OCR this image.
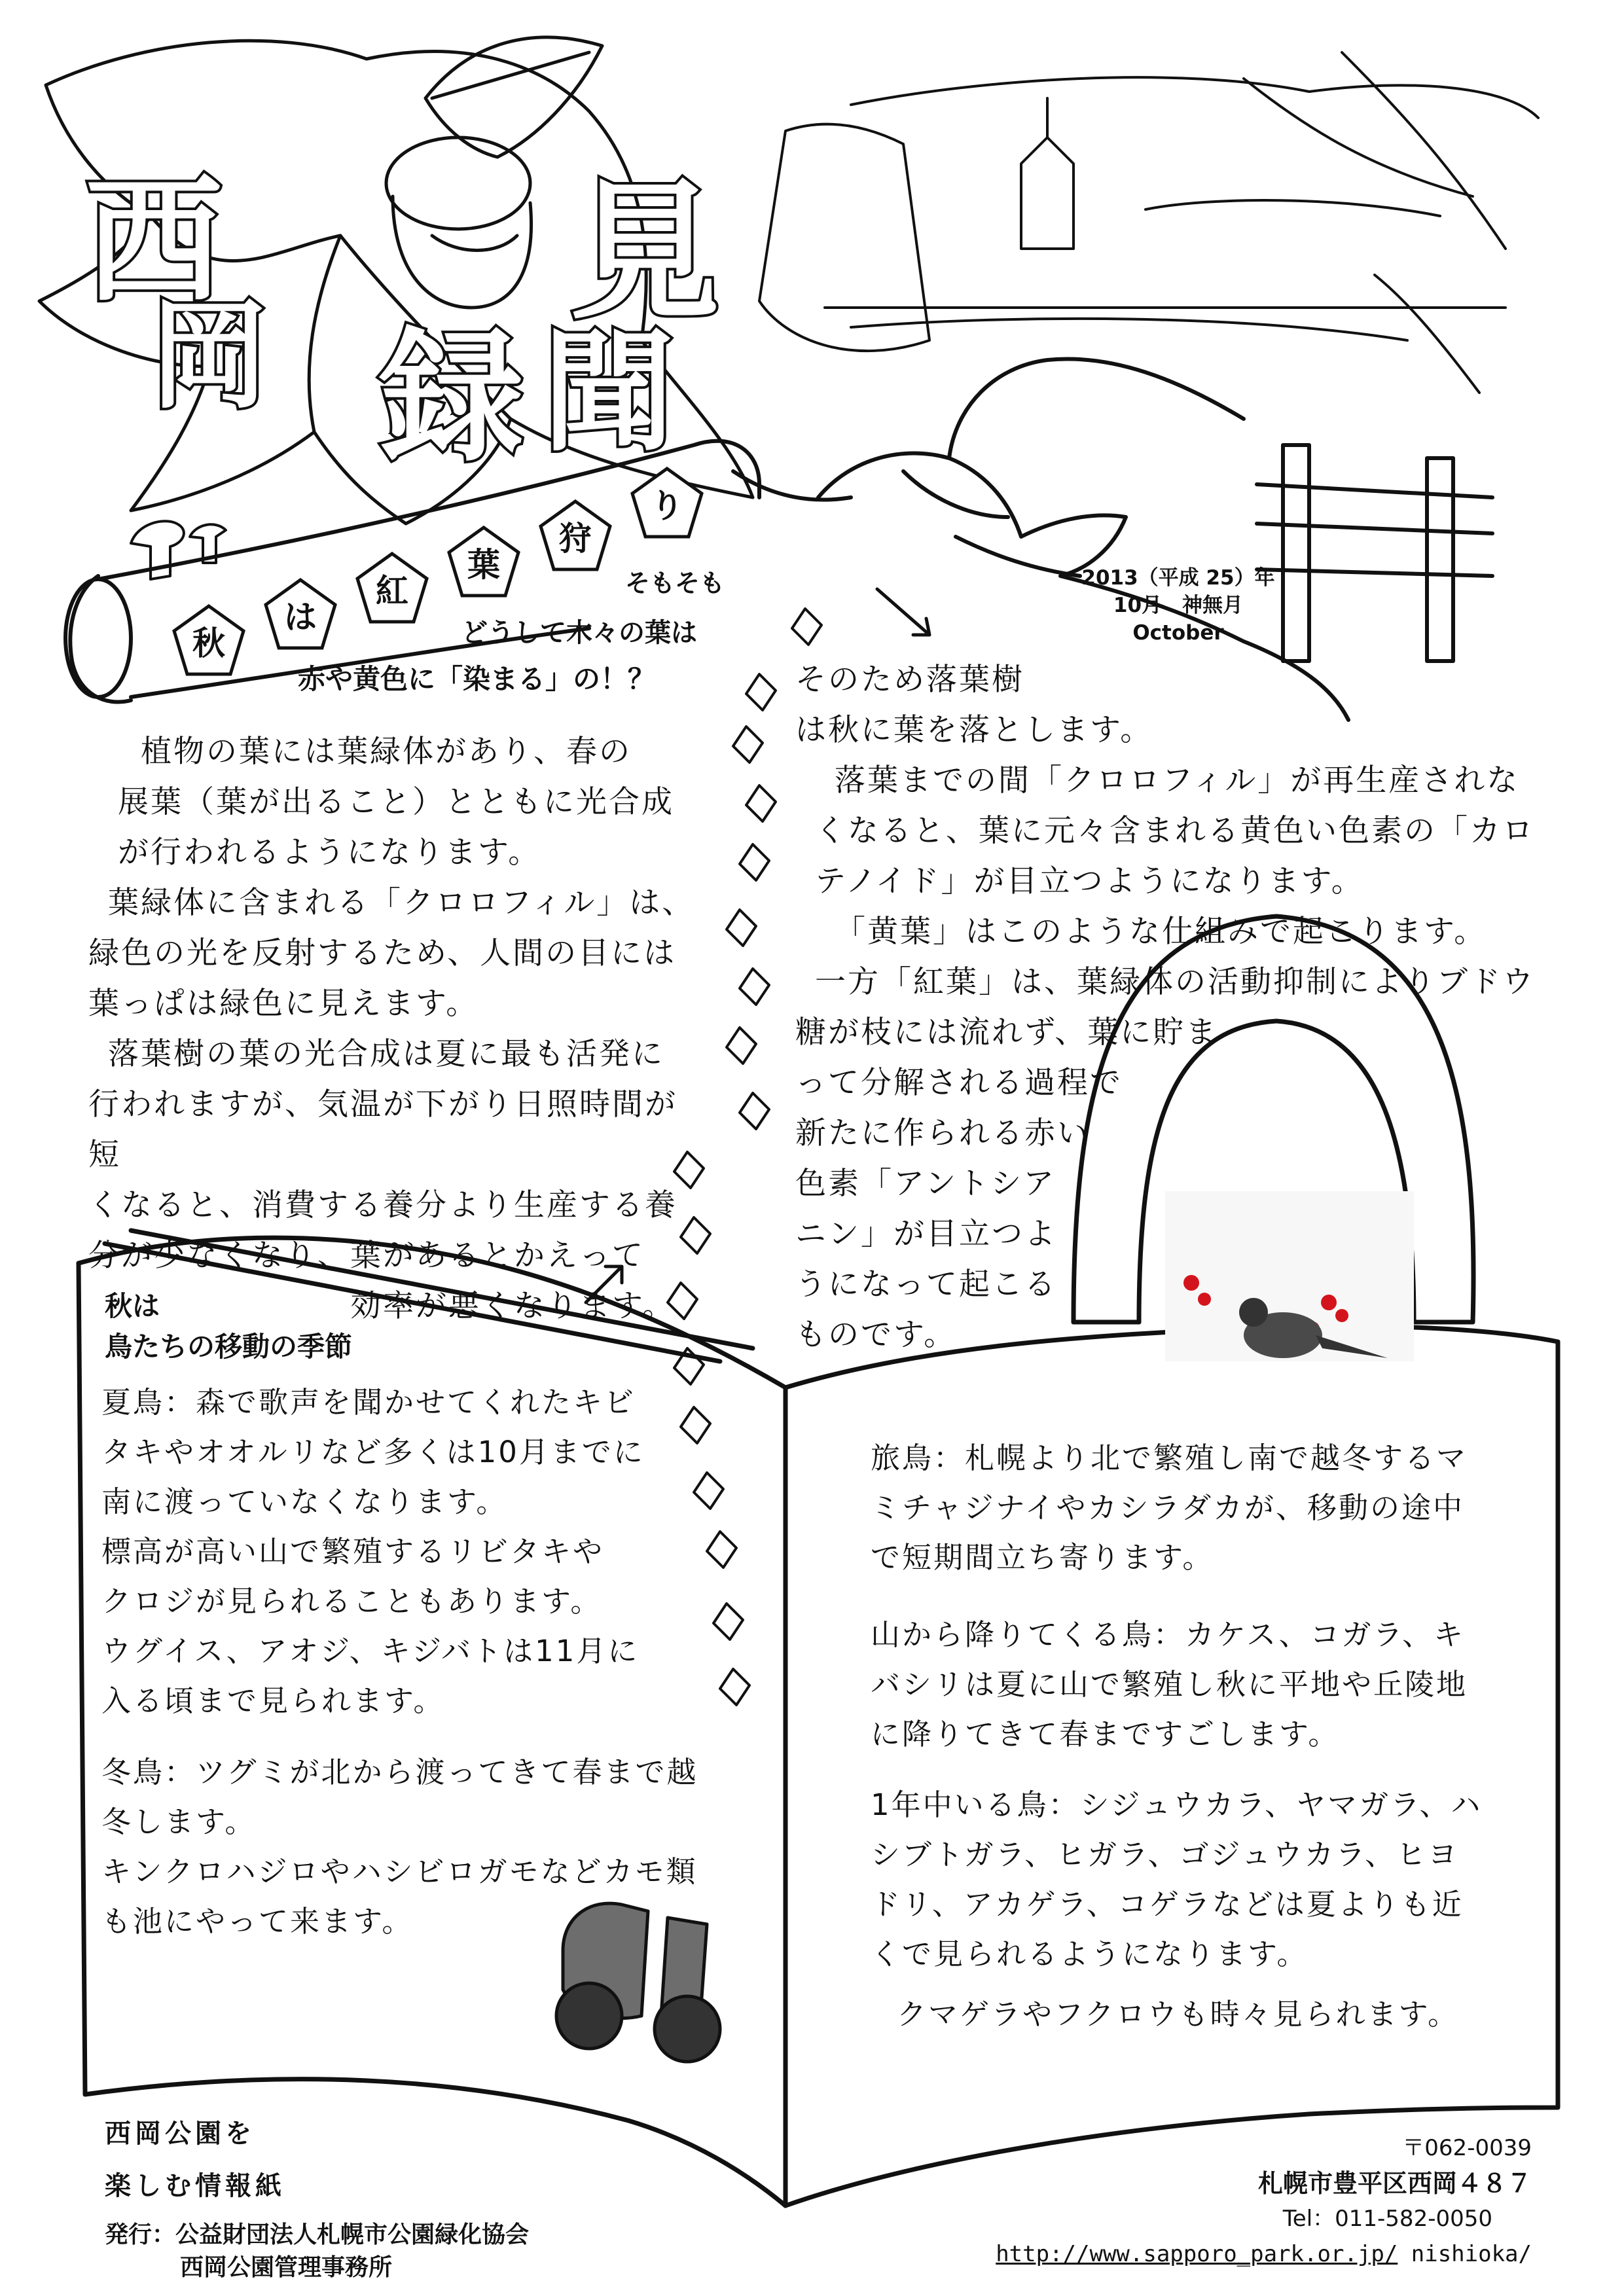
西
岡
見
録 聞
秋
は
紅
葉
狩
り
2013（平成 25）年
10月　神無月
October
そもそも
どうして木々の葉は
赤や黄色に「染まる」の！？

植物の葉には葉緑体があり、春の

展葉（葉が出ること）とともに光合成

が行われるようになります。

葉緑体に含まれる「クロロフィル」は、

緑色の光を反射するため、人間の目には

葉っぱは緑色に見えます。

落葉樹の葉の光合成は夏に最も活発に

行われますが、気温が下がり日照時間が短

くなると、消費する養分より生産する養

分が少なくなり、葉があるとかえって

効率が悪くなります。

そのため落葉樹

は秋に葉を落とします。

落葉までの間「クロロフィル」が再生産されな

くなると、葉に元々含まれる黄色い色素の「カロ

テノイド」が目立つようになります。

「黄葉」はこのような仕組みで起こります。

一方「紅葉」は、葉緑体の活動抑制によりブドウ

糖が枝には流れず、葉に貯ま

って分解される過程で

新たに作られる赤い

色素「アントシア

ニン」が目立つよ

うになって起こる

ものです。

秋は
鳥たちの移動の季節

夏鳥：森で歌声を聞かせてくれたキビ

タキやオオルリなど多くは10月までに

南に渡っていなくなります。

標高が高い山で繁殖するリビタキや

クロジが見られることもあります。

ウグイス、アオジ、キジバトは11月に

入る頃まで見られます。

冬鳥：ツグミが北から渡ってきて春まで越

冬します。

キンクロハジロやハシビロガモなどカモ類

も池にやって来ます。

旅鳥：札幌より北で繁殖し南で越冬するマ

ミチャジナイやカシラダカが、移動の途中

で短期間立ち寄ります。

山から降りてくる鳥：カケス、コガラ、キ

バシリは夏に山で繁殖し秋に平地や丘陵地

に降りてきて春まですごします。

1年中いる鳥：シジュウカラ、ヤマガラ、ハ

シブトガラ、ヒガラ、ゴジュウカラ、ヒヨ

ドリ、アカゲラ、コゲラなどは夏よりも近

くで見られるようになります。

クマゲラやフクロウも時々見られます。
西岡公園を
楽しむ情報紙
発行：公益財団法人札幌市公園緑化協会
西岡公園管理事務所
〒062-0039
札幌市豊平区西岡４８７
Tel：011-582-0050
http://www.sapporo_park.or.jp/ nishioka/
